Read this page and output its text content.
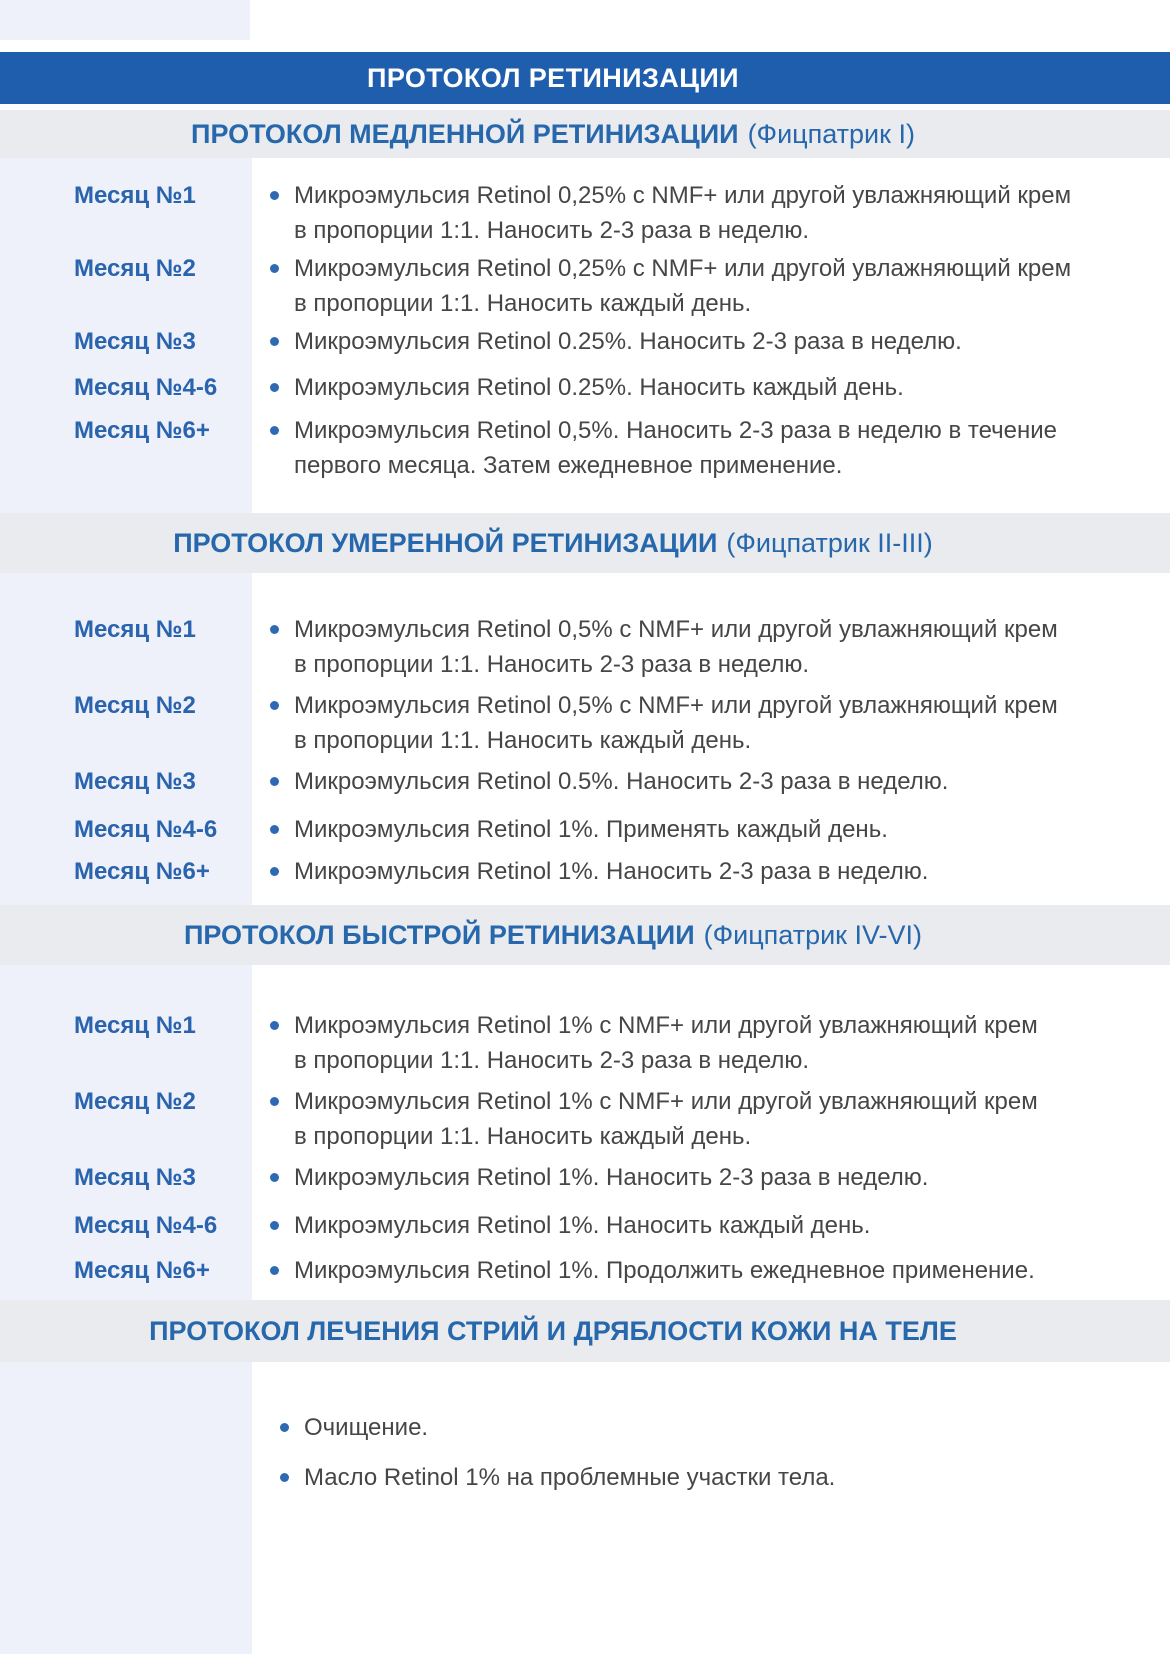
ПРОТОКОЛ РЕТИНИЗАЦИИ
ПРОТОКОЛ МЕДЛЕННОЙ РЕТИНИЗАЦИИ (Фицпатрик I)
Месяц №1	Микроэмульсия Retinol 0,25% с NMF+ или другой увлажняющий крем
в пропорции 1:1. Наносить 2-3 раза в неделю.
Месяц №2	Микроэмульсия Retinol 0,25% с NMF+ или другой увлажняющий крем
в пропорции 1:1. Наносить каждый день.
Месяц №3	Микроэмульсия Retinol 0.25%. Наносить 2-3 раза в неделю.
Месяц №4-6	Микроэмульсия Retinol 0.25%. Наносить каждый день.
Месяц №6+	Микроэмульсия Retinol 0,5%. Наносить 2-3 раза в неделю в течение
первого месяца. Затем ежедневное применение.
ПРОТОКОЛ УМЕРЕННОЙ РЕТИНИЗАЦИИ (Фицпатрик II-III)
Месяц №1	Микроэмульсия Retinol 0,5% с NMF+ или другой увлажняющий крем
в пропорции 1:1. Наносить 2-3 раза в неделю.
Месяц №2	Микроэмульсия Retinol 0,5% с NMF+ или другой увлажняющий крем
в пропорции 1:1. Наносить каждый день.
Месяц №3	Микроэмульсия Retinol 0.5%. Наносить 2-3 раза в неделю.
Месяц №4-6	Микроэмульсия Retinol 1%. Применять каждый день.
Месяц №6+	Микроэмульсия Retinol 1%. Наносить 2-3 раза в неделю.
ПРОТОКОЛ БЫСТРОЙ РЕТИНИЗАЦИИ (Фицпатрик IV-VI)
Месяц №1	Микроэмульсия Retinol 1% с NMF+ или другой увлажняющий крем
в пропорции 1:1. Наносить 2-3 раза в неделю.
Месяц №2	Микроэмульсия Retinol 1% с NMF+ или другой увлажняющий крем
в пропорции 1:1. Наносить каждый день.
Месяц №3	Микроэмульсия Retinol 1%. Наносить 2-3 раза в неделю.
Месяц №4-6	Микроэмульсия Retinol 1%. Наносить каждый день.
Месяц №6+	Микроэмульсия Retinol 1%. Продолжить ежедневное применение.
ПРОТОКОЛ ЛЕЧЕНИЯ СТРИЙ И ДРЯБЛОСТИ КОЖИ НА ТЕЛЕ
Очищение.
Масло Retinol 1% на проблемные участки тела.
